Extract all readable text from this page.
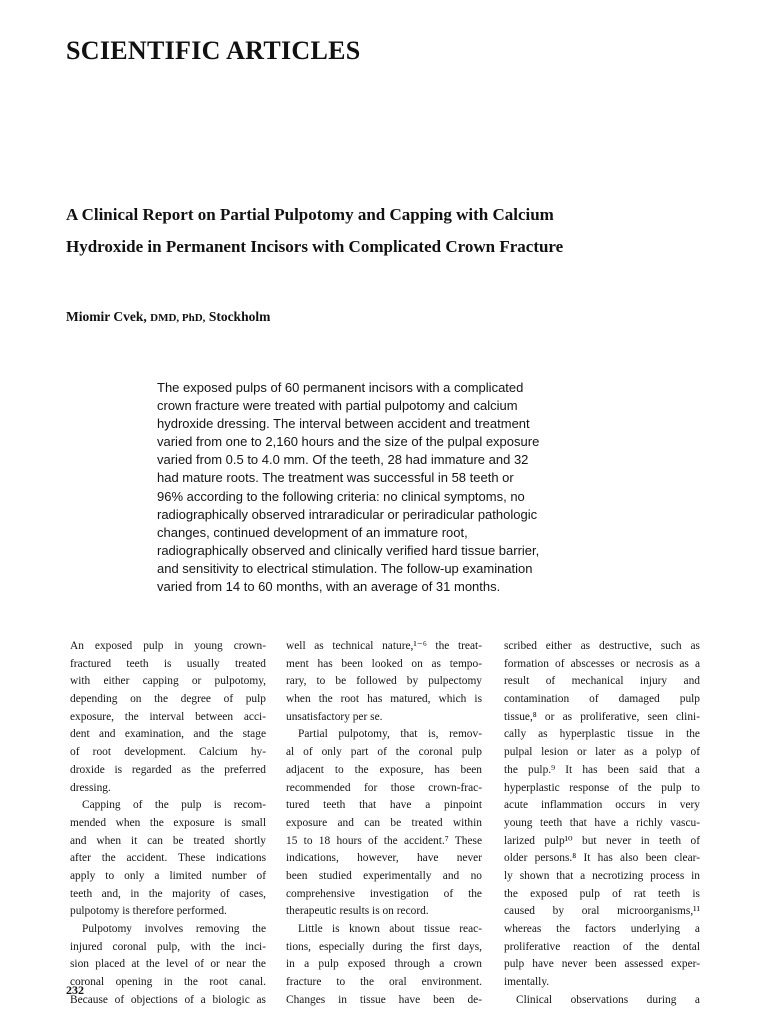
SCIENTIFIC ARTICLES
A Clinical Report on Partial Pulpotomy and Capping with Calcium
Hydroxide in Permanent Incisors with Complicated Crown Fracture
Miomir Cvek, DMD, PhD, Stockholm
The exposed pulps of 60 permanent incisors with a complicated
crown fracture were treated with partial pulpotomy and calcium
hydroxide dressing. The interval between accident and treatment
varied from one to 2,160 hours and the size of the pulpal exposure
varied from 0.5 to 4.0 mm. Of the teeth, 28 had immature and 32
had mature roots. The treatment was successful in 58 teeth or
96% according to the following criteria: no clinical symptoms, no
radiographically observed intraradicular or periradicular pathologic
changes, continued development of an immature root,
radiographically observed and clinically verified hard tissue barrier,
and sensitivity to electrical stimulation. The follow-up examination
varied from 14 to 60 months, with an average of 31 months.
An exposed pulp in young crown-
fractured teeth is usually treated
with either capping or pulpotomy,
depending on the degree of pulp
exposure, the interval between acci-
dent and examination, and the stage
of root development. Calcium hy-
droxide is regarded as the preferred
dressing.
Capping of the pulp is recom-
mended when the exposure is small
and when it can be treated shortly
after the accident. These indications
apply to only a limited number of
teeth and, in the majority of cases,
pulpotomy is therefore performed.
Pulpotomy involves removing the
injured coronal pulp, with the inci-
sion placed at the level of or near the
coronal opening in the root canal.
Because of objections of a biologic as
well as technical nature,¹⁻⁶ the treat-
ment has been looked on as tempo-
rary, to be followed by pulpectomy
when the root has matured, which is
unsatisfactory per se.
Partial pulpotomy, that is, remov-
al of only part of the coronal pulp
adjacent to the exposure, has been
recommended for those crown-frac-
tured teeth that have a pinpoint
exposure and can be treated within
15 to 18 hours of the accident.⁷ These
indications, however, have never
been studied experimentally and no
comprehensive investigation of the
therapeutic results is on record.
Little is known about tissue reac-
tions, especially during the first days,
in a pulp exposed through a crown
fracture to the oral environment.
Changes in tissue have been de-
scribed either as destructive, such as
formation of abscesses or necrosis as a
result of mechanical injury and
contamination of damaged pulp
tissue,⁸ or as proliferative, seen clini-
cally as hyperplastic tissue in the
pulpal lesion or later as a polyp of
the pulp.⁹ It has been said that a
hyperplastic response of the pulp to
acute inflammation occurs in very
young teeth that have a richly vascu-
larized pulp¹⁰ but never in teeth of
older persons.⁸ It has also been clear-
ly shown that a necrotizing process in
the exposed pulp of rat teeth is
caused by oral microorganisms,¹¹
whereas the factors underlying a
proliferative reaction of the dental
pulp have never been assessed exper-
imentally.
Clinical observations during a
232
